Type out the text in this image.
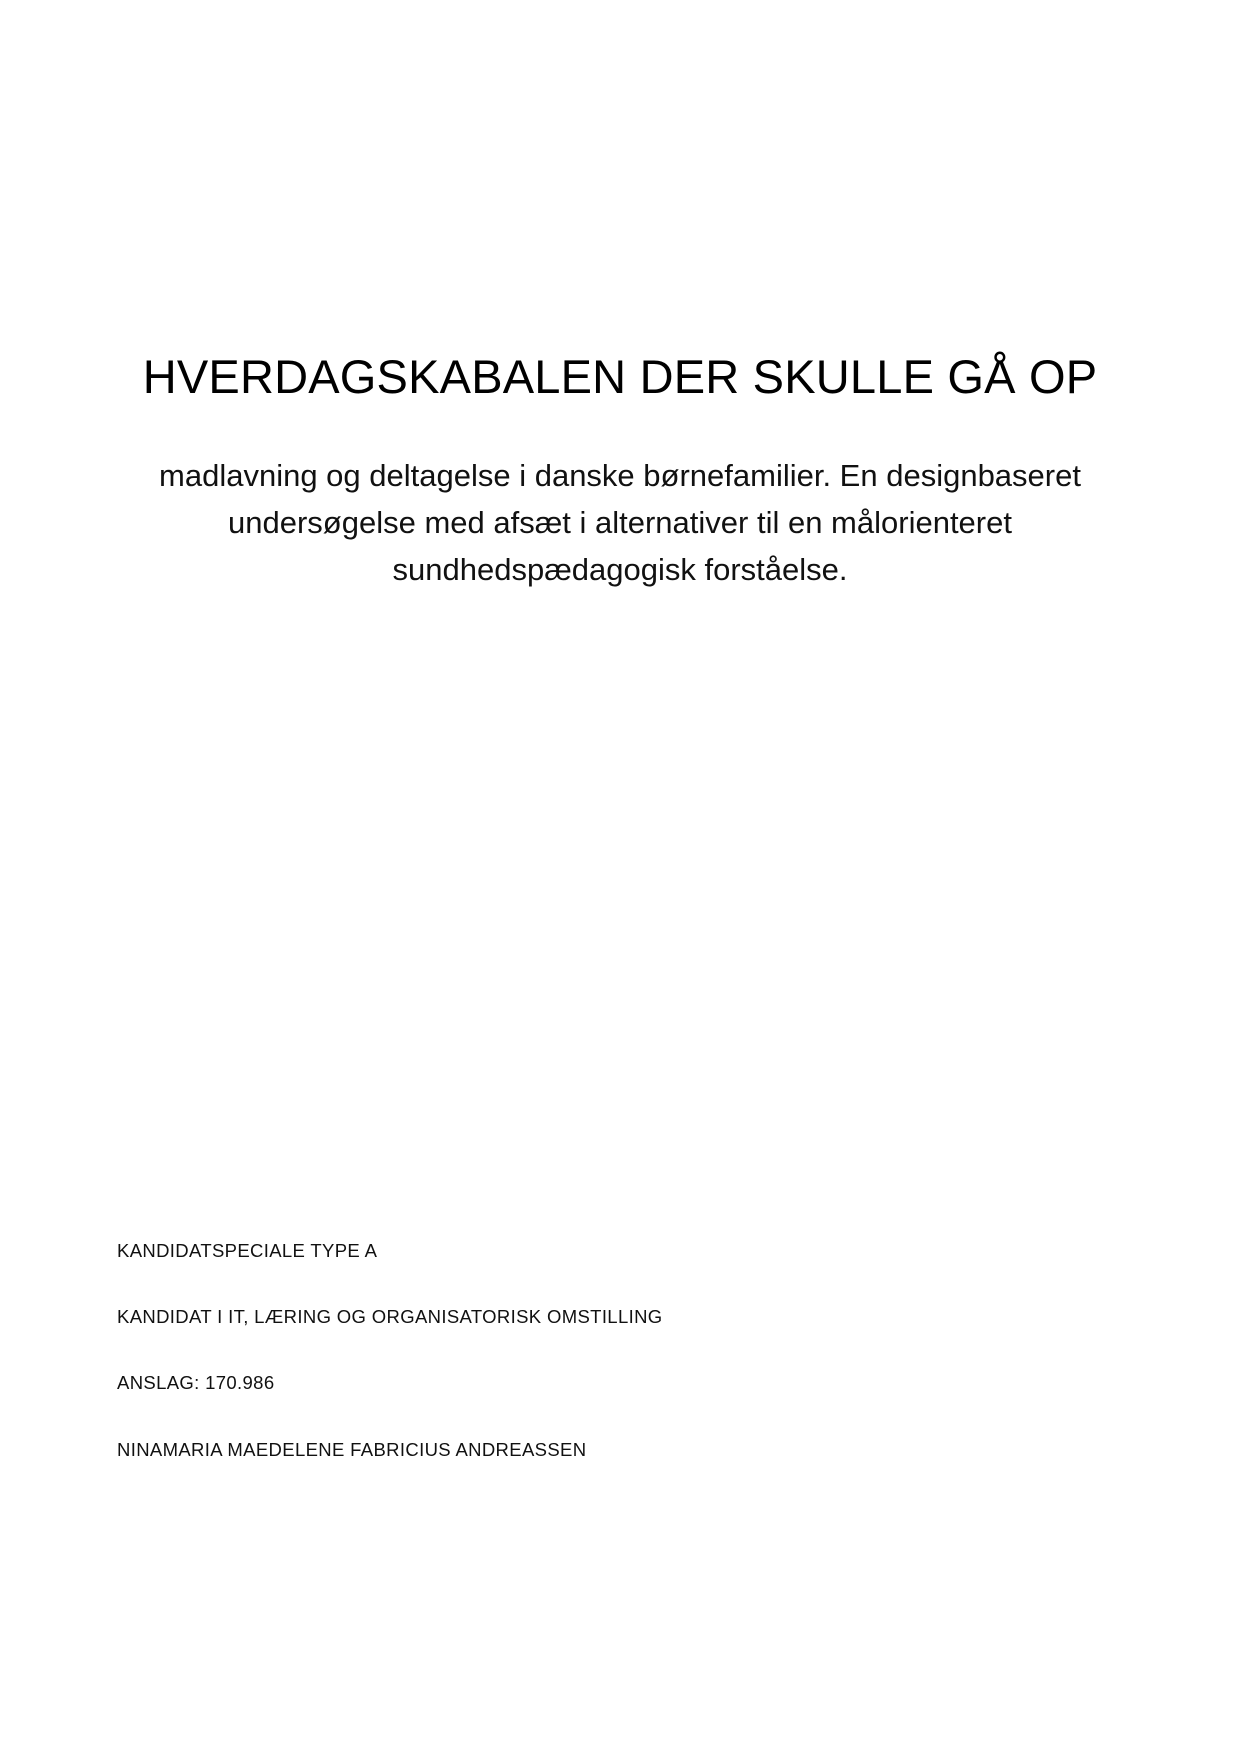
HVERDAGSKABALEN DER SKULLE GÅ OP

madlavning og deltagelse i danske børnefamilier. En designbaseret undersøgelse med afsæt i alternativer til en målorienteret sundhedspædagogisk forståelse.

KANDIDATSPECIALE TYPE A

KANDIDAT I IT, LÆRING OG ORGANISATORISK OMSTILLING

ANSLAG: 170.986

NINAMARIA MAEDELENE FABRICIUS ANDREASSEN
